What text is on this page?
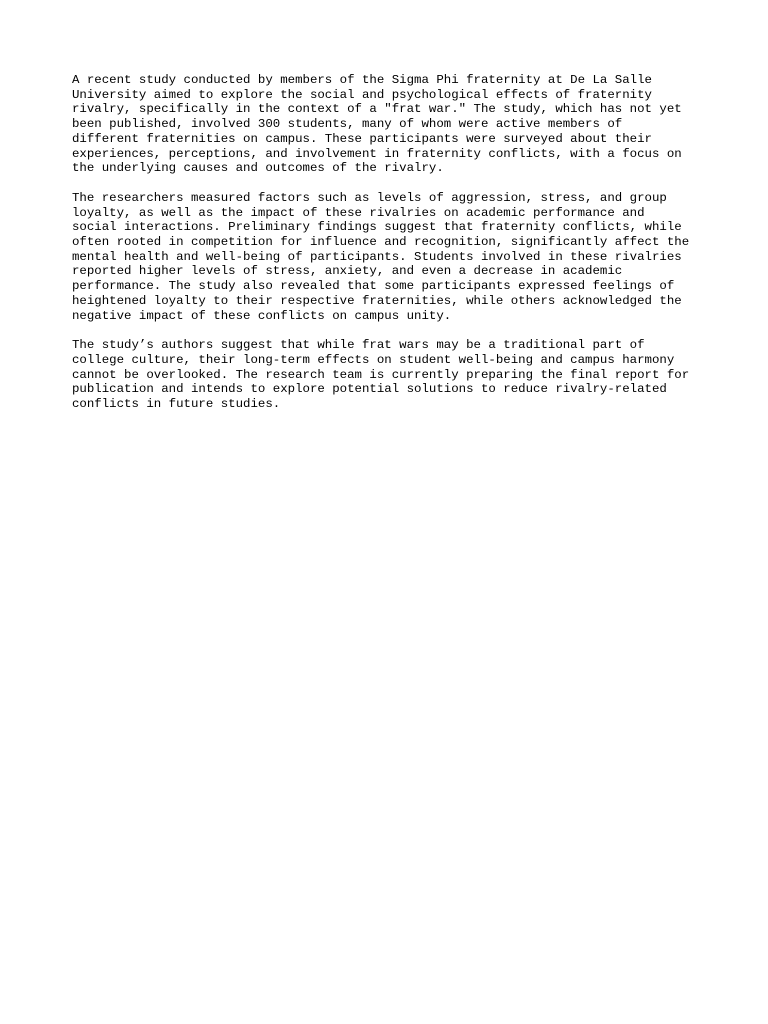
A recent study conducted by members of the Sigma Phi fraternity at De La Salle
University aimed to explore the social and psychological effects of fraternity
rivalry, specifically in the context of a "frat war." The study, which has not yet
been published, involved 300 students, many of whom were active members of
different fraternities on campus. These participants were surveyed about their
experiences, perceptions, and involvement in fraternity conflicts, with a focus on
the underlying causes and outcomes of the rivalry.

The researchers measured factors such as levels of aggression, stress, and group
loyalty, as well as the impact of these rivalries on academic performance and
social interactions. Preliminary findings suggest that fraternity conflicts, while
often rooted in competition for influence and recognition, significantly affect the
mental health and well-being of participants. Students involved in these rivalries
reported higher levels of stress, anxiety, and even a decrease in academic
performance. The study also revealed that some participants expressed feelings of
heightened loyalty to their respective fraternities, while others acknowledged the
negative impact of these conflicts on campus unity.

The study’s authors suggest that while frat wars may be a traditional part of
college culture, their long-term effects on student well-being and campus harmony
cannot be overlooked. The research team is currently preparing the final report for
publication and intends to explore potential solutions to reduce rivalry-related
conflicts in future studies.
